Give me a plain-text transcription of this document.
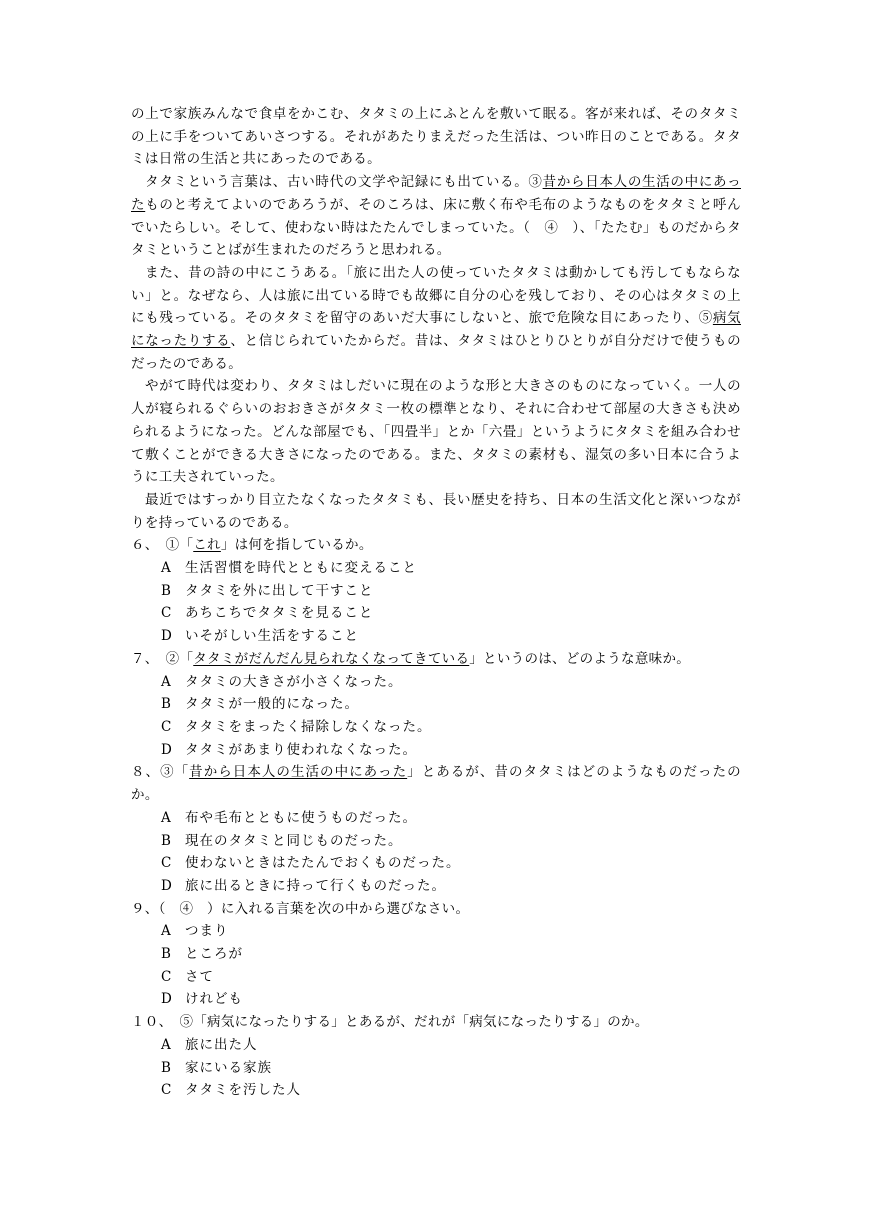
の上で家族みんなで食卓をかこむ、タタミの上にふとんを敷いて眠る。客が来れば、そのタタミの上に手をついてあいさつする。それがあたりまえだった生活は、つい昨日のことである。タタミは日常の生活と共にあったのである。
タタミという言葉は、古い時代の文学や記録にも出ている。③昔から日本人の生活の中にあったものと考えてよいのであろうが、そのころは、床に敷く布や毛布のようなものをタタミと呼んでいたらしい。そして、使わない時はたたんでしまっていた。（　④　）、「たたむ」ものだからタタミということばが生まれたのだろうと思われる。
また、昔の詩の中にこうある。「旅に出た人の使っていたタタミは動かしても汚してもならない」と。なぜなら、人は旅に出ている時でも故郷に自分の心を残しており、その心はタタミの上にも残っている。そのタタミを留守のあいだ大事にしないと、旅で危険な目にあったり、⑤病気になったりする、と信じられていたからだ。昔は、タタミはひとりひとりが自分だけで使うものだったのである。
やがて時代は変わり、タタミはしだいに現在のような形と大きさのものになっていく。一人の人が寝られるぐらいのおおきさがタタミ一枚の標準となり、それに合わせて部屋の大きさも決められるようになった。どんな部屋でも、「四畳半」とか「六畳」というようにタタミを組み合わせて敷くことができる大きさになったのである。また、タタミの素材も、湿気の多い日本に合うように工夫されていった。
最近ではすっかり目立たなくなったタタミも、長い歴史を持ち、日本の生活文化と深いつながりを持っているのである。
６、　①「これ」は何を指しているか。
A 生活習慣を時代とともに変えること
B タタミを外に出して干すこと
C あちこちでタタミを見ること
D いそがしい生活をすること
７、　②「タタミがだんだん見られなくなってきている」というのは、どのような意味か。
A タタミの大きさが小さくなった。
B タタミが一般的になった。
C タタミをまったく掃除しなくなった。
D タタミがあまり使われなくなった。
８、③「昔から日本人の生活の中にあった」とあるが、昔のタタミはどのようなものだったのか。
A 布や毛布とともに使うものだった。
B 現在のタタミと同じものだった。
C 使わないときはたたんでおくものだった。
D 旅に出るときに持って行くものだった。
９、（　④　）に入れる言葉を次の中から選びなさい。
A つまり
B ところが
C さて
D けれども
１０、　⑤「病気になったりする」とあるが、だれが「病気になったりする」のか。
A 旅に出た人
B 家にいる家族
C タタミを汚した人
